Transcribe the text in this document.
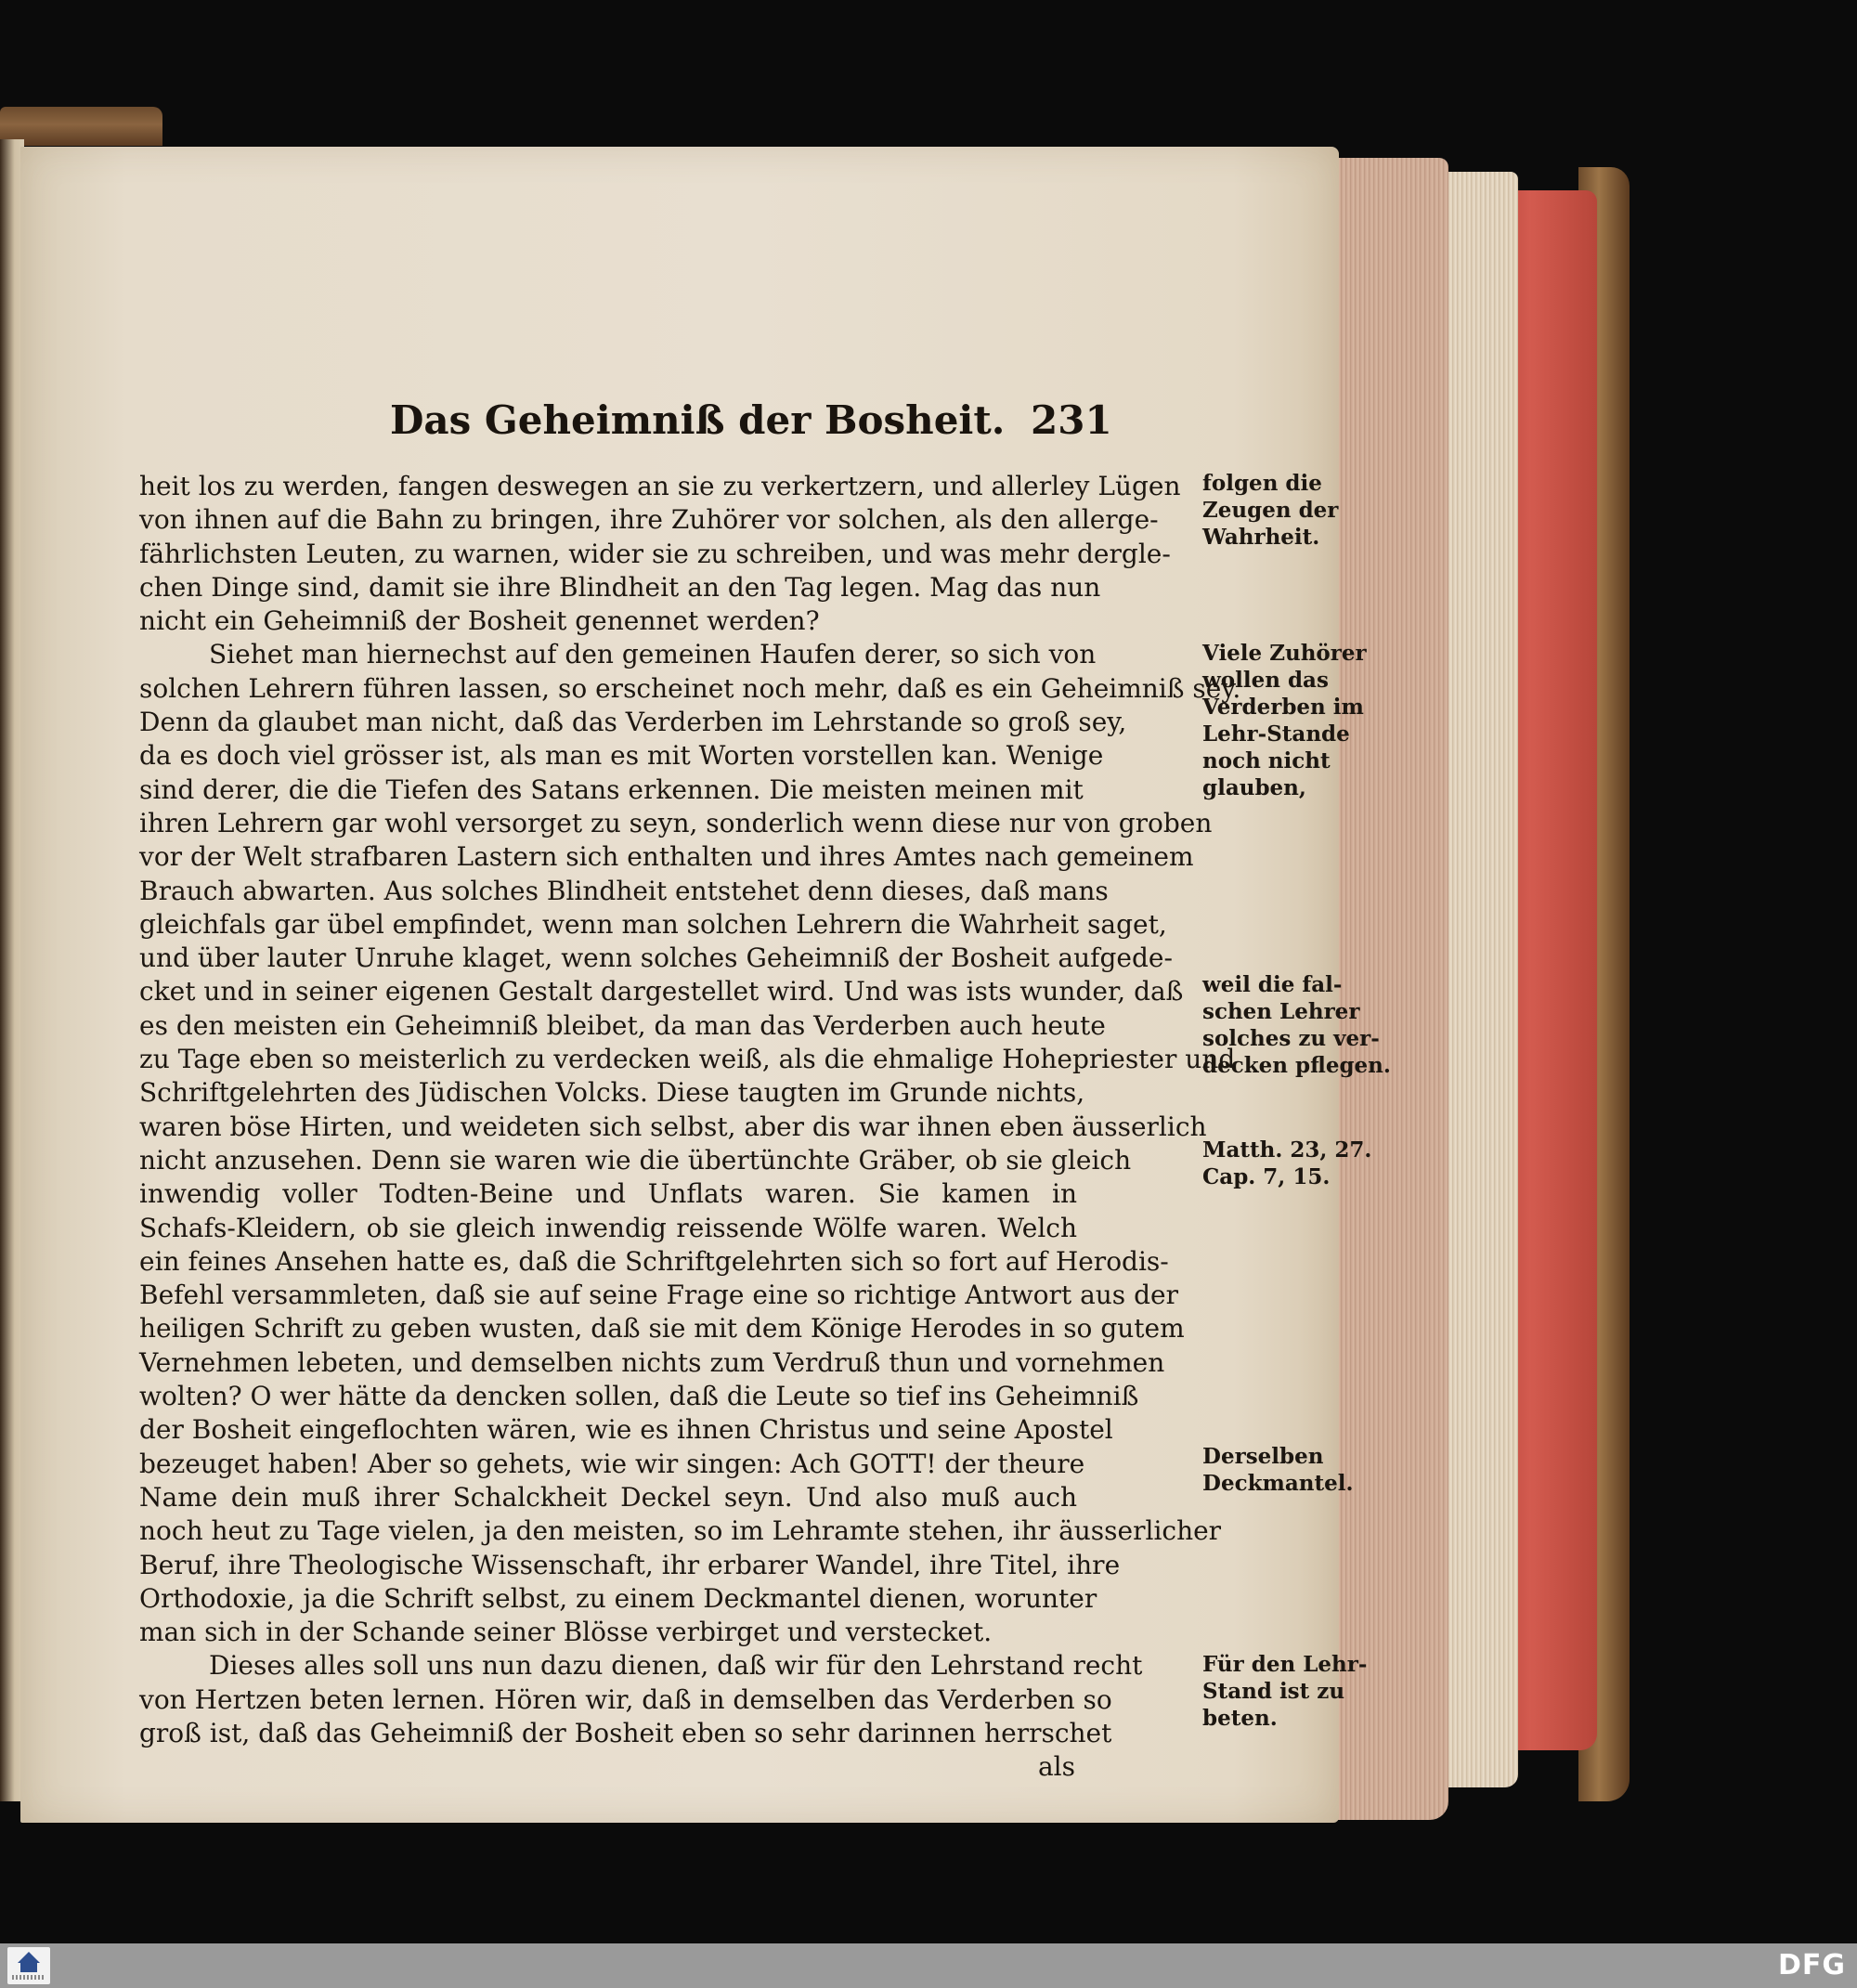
Das Geheimniß der Bosheit. 231
heit los zu werden, fangen deswegen an sie zu verkertzern, und allerley Lügen
von ihnen auf die Bahn zu bringen, ihre Zuhörer vor solchen, als den allerge-
fährlichsten Leuten, zu warnen, wider sie zu schreiben, und was mehr dergle-
chen Dinge sind, damit sie ihre Blindheit an den Tag legen. Mag das nun
nicht ein Geheimniß der Bosheit genennet werden?
Siehet man hiernechst auf den gemeinen Haufen derer, so sich von
solchen Lehrern führen lassen, so erscheinet noch mehr, daß es ein Geheimniß sey.
Denn da glaubet man nicht, daß das Verderben im Lehrstande so groß sey,
da es doch viel grösser ist, als man es mit Worten vorstellen kan. Wenige
sind derer, die die Tiefen des Satans erkennen. Die meisten meinen mit
ihren Lehrern gar wohl versorget zu seyn, sonderlich wenn diese nur von groben
vor der Welt strafbaren Lastern sich enthalten und ihres Amtes nach gemeinem
Brauch abwarten. Aus solches Blindheit entstehet denn dieses, daß mans
gleichfals gar übel empfindet, wenn man solchen Lehrern die Wahrheit saget,
und über lauter Unruhe klaget, wenn solches Geheimniß der Bosheit aufgede-
cket und in seiner eigenen Gestalt dargestellet wird. Und was ists wunder, daß
es den meisten ein Geheimniß bleibet, da man das Verderben auch heute
zu Tage eben so meisterlich zu verdecken weiß, als die ehmalige Hohepriester und
Schriftgelehrten des Jüdischen Volcks. Diese taugten im Grunde nichts,
waren böse Hirten, und weideten sich selbst, aber dis war ihnen eben äusserlich
nicht anzusehen. Denn sie waren wie die übertünchte Gräber, ob sie gleich
inwendig voller Todten-Beine und Unflats waren. Sie kamen in
Schafs-Kleidern, ob sie gleich inwendig reissende Wölfe waren. Welch
ein feines Ansehen hatte es, daß die Schriftgelehrten sich so fort auf Herodis-
Befehl versammleten, daß sie auf seine Frage eine so richtige Antwort aus der
heiligen Schrift zu geben wusten, daß sie mit dem Könige Herodes in so gutem
Vernehmen lebeten, und demselben nichts zum Verdruß thun und vornehmen
wolten? O wer hätte da dencken sollen, daß die Leute so tief ins Geheimniß
der Bosheit eingeflochten wären, wie es ihnen Christus und seine Apostel
bezeuget haben! Aber so gehets, wie wir singen: Ach GOTT! der theure
Name dein muß ihrer Schalckheit Deckel seyn. Und also muß auch
noch heut zu Tage vielen, ja den meisten, so im Lehramte stehen, ihr äusserlicher
Beruf, ihre Theologische Wissenschaft, ihr erbarer Wandel, ihre Titel, ihre
Orthodoxie, ja die Schrift selbst, zu einem Deckmantel dienen, worunter
man sich in der Schande seiner Blösse verbirget und verstecket.
Dieses alles soll uns nun dazu dienen, daß wir für den Lehrstand recht
von Hertzen beten lernen. Hören wir, daß in demselben das Verderben so
groß ist, daß das Geheimniß der Bosheit eben so sehr darinnen herrschet
als
folgen die
Zeugen der
Wahrheit.
Viele Zuhörer
wollen das
Verderben im
Lehr-Stande
noch nicht
glauben,
weil die fal-
schen Lehrer
solches zu ver-
decken pflegen.
Matth. 23, 27.
Cap. 7, 15.
Derselben
Deckmantel.
Für den Lehr-
Stand ist zu
beten.
DFG
